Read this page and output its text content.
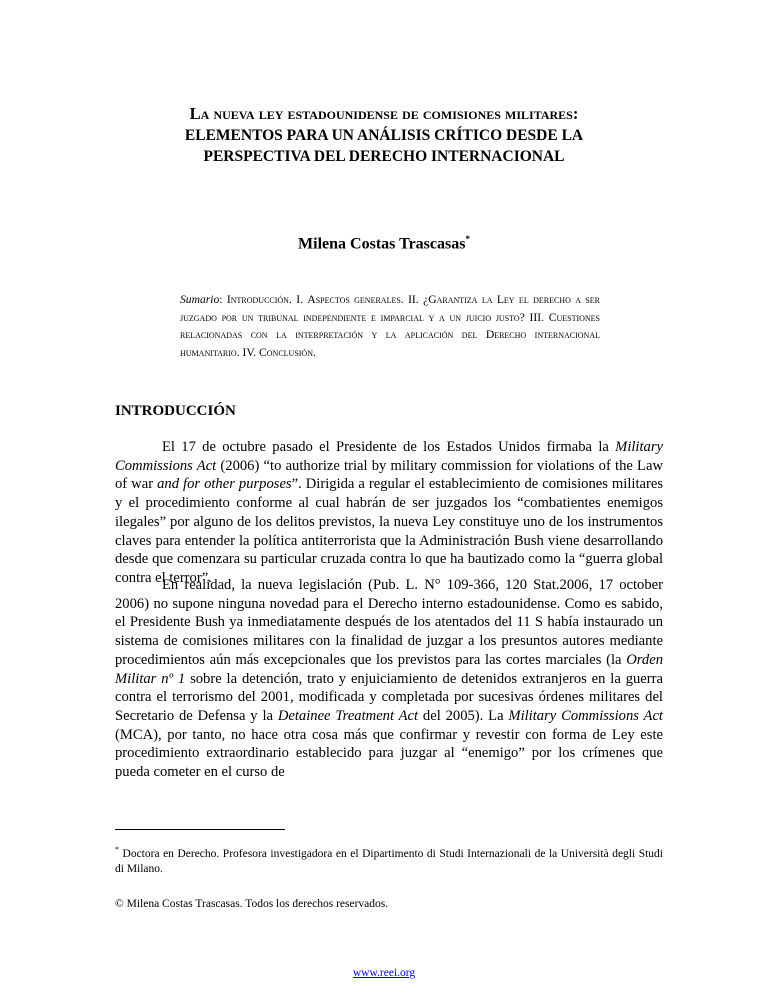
La nueva ley estadounidense de comisiones militares:
ELEMENTOS PARA UN ANÁLISIS CRÍTICO DESDE LA
PERSPECTIVA DEL DERECHO INTERNACIONAL

Milena Costas Trascasas*

Sumario: Introducción. I. Aspectos generales. II. ¿Garantiza la Ley el derecho a ser juzgado por un tribunal independiente e imparcial y a un juicio justo? III. Cuestiones relacionadas con la interpretación y la aplicación del Derecho internacional humanitario. IV. Conclusión.

INTRODUCCIÓN

El 17 de octubre pasado el Presidente de los Estados Unidos firmaba la Military Commissions Act (2006) “to authorize trial by military commission for violations of the Law of war and for other purposes”. Dirigida a regular el establecimiento de comisiones militares y el procedimiento conforme al cual habrán de ser juzgados los “combatientes enemigos ilegales” por alguno de los delitos previstos, la nueva Ley constituye uno de los instrumentos claves para entender la política antiterrorista que la Administración Bush viene desarrollando desde que comenzara su particular cruzada contra lo que ha bautizado como la “guerra global contra el terror”.

En realidad, la nueva legislación (Pub. L. N° 109-366, 120 Stat.2006, 17 october 2006) no supone ninguna novedad para el Derecho interno estadounidense. Como es sabido, el Presidente Bush ya inmediatamente después de los atentados del 11 S había instaurado un sistema de comisiones militares con la finalidad de juzgar a los presuntos autores mediante procedimientos aún más excepcionales que los previstos para las cortes marciales (la Orden Militar nº 1 sobre la detención, trato y enjuiciamiento de detenidos extranjeros en la guerra contra el terrorismo del 2001, modificada y completada por sucesivas órdenes militares del Secretario de Defensa y la Detainee Treatment Act del 2005). La Military Commissions Act (MCA), por tanto, no hace otra cosa más que confirmar y revestir con forma de Ley este procedimiento extraordinario establecido para juzgar al “enemigo” por los crímenes que pueda cometer en el curso de

* Doctora en Derecho. Profesora investigadora en el Dipartimento di Studi Internazionali de la Università degli Studi di Milano.

© Milena Costas Trascasas. Todos los derechos reservados.

www.reei.org
